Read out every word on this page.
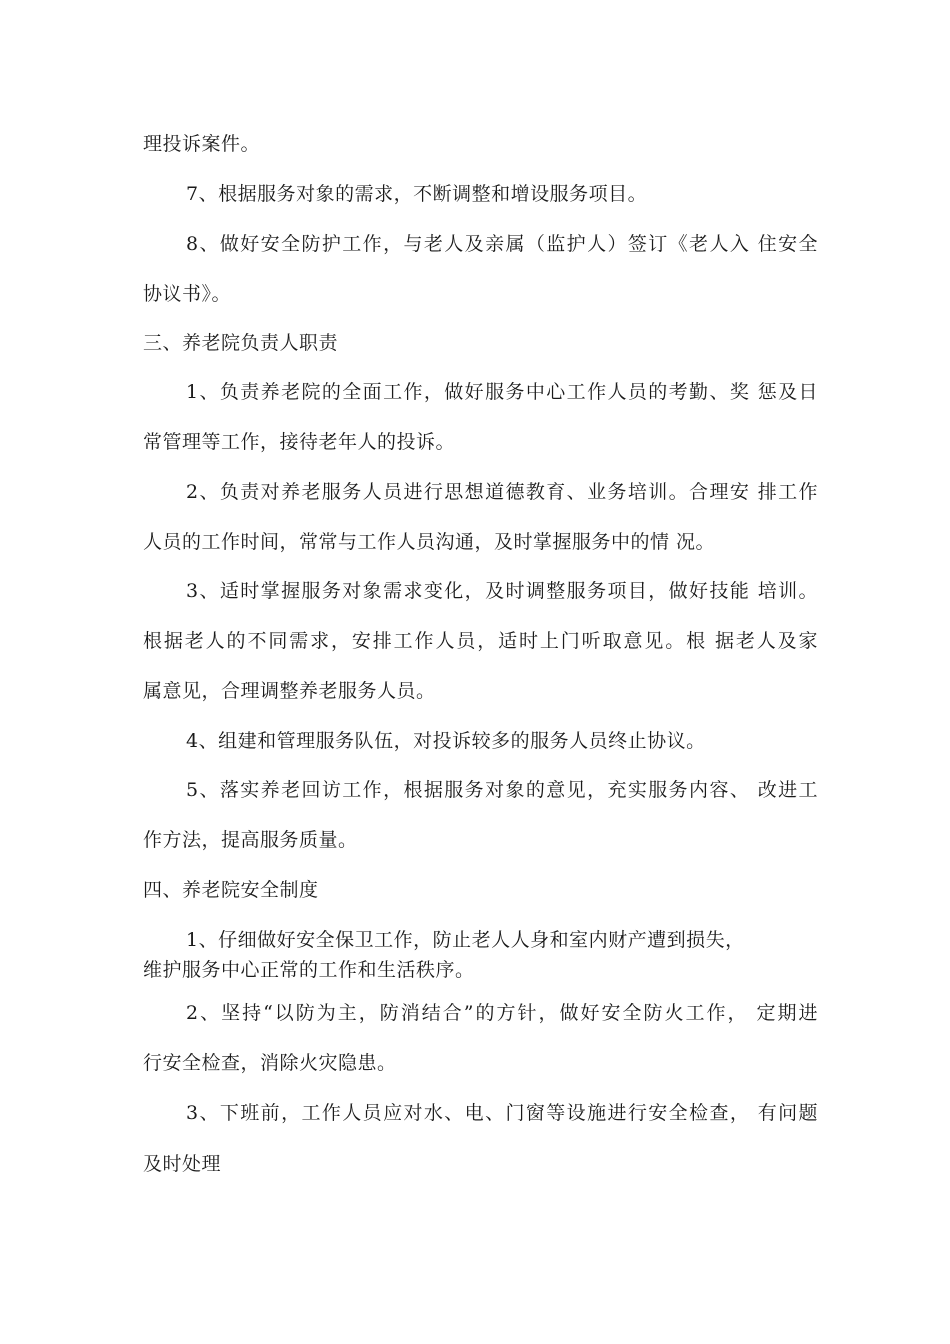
理投诉案件。
7、根据服务对象的需求，不断调整和增设服务项目。
8、做好安全防护工作，与老人及亲属（监护人）签订《老人入 住安全
协议书》。
三、养老院负责人职责
1、负责养老院的全面工作，做好服务中心工作人员的考勤、奖 惩及日
常管理等工作，接待老年人的投诉。
2、负责对养老服务人员进行思想道德教育、业务培训。合理安 排工作
人员的工作时间，常常与工作人员沟通，及时掌握服务中的情 况。
3、适时掌握服务对象需求变化，及时调整服务项目，做好技能 培训。
根据老人的不同需求，安排工作人员，适时上门听取意见。根 据老人及家
属意见，合理调整养老服务人员。
4、组建和管理服务队伍，对投诉较多的服务人员终止协议。
5、落实养老回访工作，根据服务对象的意见，充实服务内容、 改进工
作方法，提高服务质量。
四、养老院安全制度
1、仔细做好安全保卫工作，防止老人人身和室内财产遭到损失，
维护服务中心正常的工作和生活秩序。
2、坚持“以防为主，防消结合”的方针，做好安全防火工作， 定期进
行安全检查，消除火灾隐患。
3、下班前，工作人员应对水、电、门窗等设施进行安全检查， 有问题
及时处理
